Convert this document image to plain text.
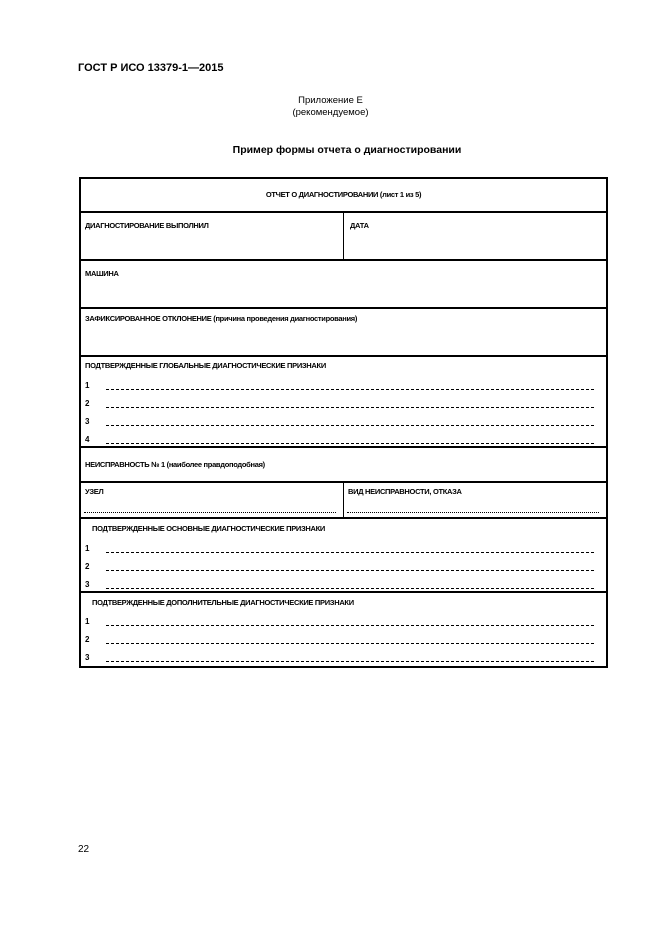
ГОСТ Р ИСО 13379-1—2015
Приложение Е
(рекомендуемое)
Пример формы отчета о диагностировании
ОТЧЕТ О ДИАГНОСТИРОВАНИИ (лист 1 из 5)
ДИАГНОСТИРОВАНИЕ ВЫПОЛНИЛ	ДАТА
МАШИНА
ЗАФИКСИРОВАННОЕ ОТКЛОНЕНИЕ (причина проведения диагностирования)
ПОДТВЕРЖДЕННЫЕ ГЛОБАЛЬНЫЕ ДИАГНОСТИЧЕСКИЕ ПРИЗНАКИ
1
2
3
4
НЕИСПРАВНОСТЬ № 1 (наиболее правдоподобная)
УЗЕЛ	ВИД НЕИСПРАВНОСТИ, ОТКАЗА
ПОДТВЕРЖДЕННЫЕ ОСНОВНЫЕ ДИАГНОСТИЧЕСКИЕ ПРИЗНАКИ
1
2
3
ПОДТВЕРЖДЕННЫЕ ДОПОЛНИТЕЛЬНЫЕ ДИАГНОСТИЧЕСКИЕ ПРИЗНАКИ
1
2
3
22
